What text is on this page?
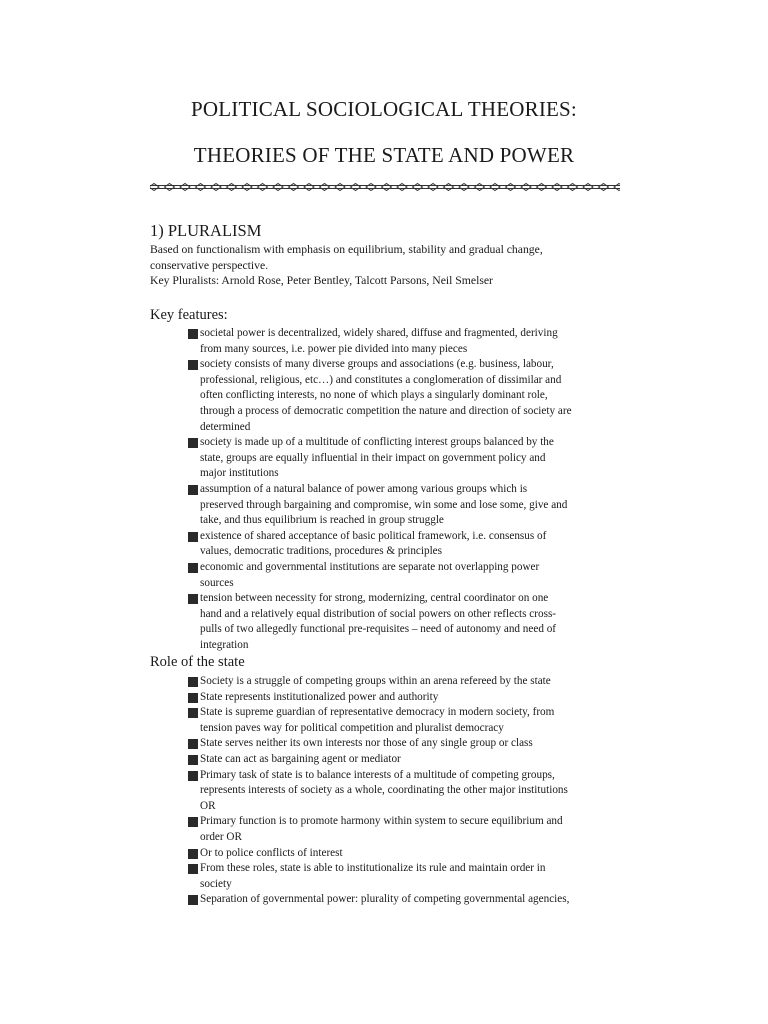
POLITICAL SOCIOLOGICAL THEORIES:
THEORIES OF THE STATE AND POWER
1) PLURALISM
Based on functionalism with emphasis on equilibrium, stability and gradual change,
conservative perspective.
Key Pluralists: Arnold Rose, Peter Bentley, Talcott Parsons, Neil Smelser
Key features:
societal power is decentralized, widely shared, diffuse and fragmented, deriving
from many sources, i.e. power pie divided into many pieces
society consists of many diverse groups and associations (e.g. business, labour,
professional, religious, etc…) and constitutes a conglomeration of dissimilar and
often conflicting interests, no none of which plays a singularly dominant role,
through a process of democratic competition the nature and direction of society are
determined
society is made up of a multitude of conflicting interest groups balanced by the
state, groups are equally influential in their impact on government policy and
major institutions
assumption of a natural balance of power among various groups which is
preserved through bargaining and compromise, win some and lose some, give and
take, and thus equilibrium is reached in group struggle
existence of shared acceptance of basic political framework, i.e. consensus of
values, democratic traditions, procedures & principles
economic and governmental institutions are separate not overlapping power
sources
tension between necessity for strong, modernizing, central coordinator on one
hand and a relatively equal distribution of social powers on other reflects cross-
pulls of two allegedly functional pre-requisites – need of autonomy and need of
integration
Role of the state
Society is a struggle of competing groups within an arena refereed by the state
State represents institutionalized power and authority
State is supreme guardian of representative democracy in modern society, from
tension paves way for political competition and pluralist democracy
State serves neither its own interests nor those of any single group or class
State can act as bargaining agent or mediator
Primary task of state is to balance interests of a multitude of competing groups,
represents interests of society as a whole, coordinating the other major institutions
OR
Primary function is to promote harmony within system to secure equilibrium and
order OR
Or to police conflicts of interest
From these roles, state is able to institutionalize its rule and maintain order in
society
Separation of governmental power: plurality of competing governmental agencies,
